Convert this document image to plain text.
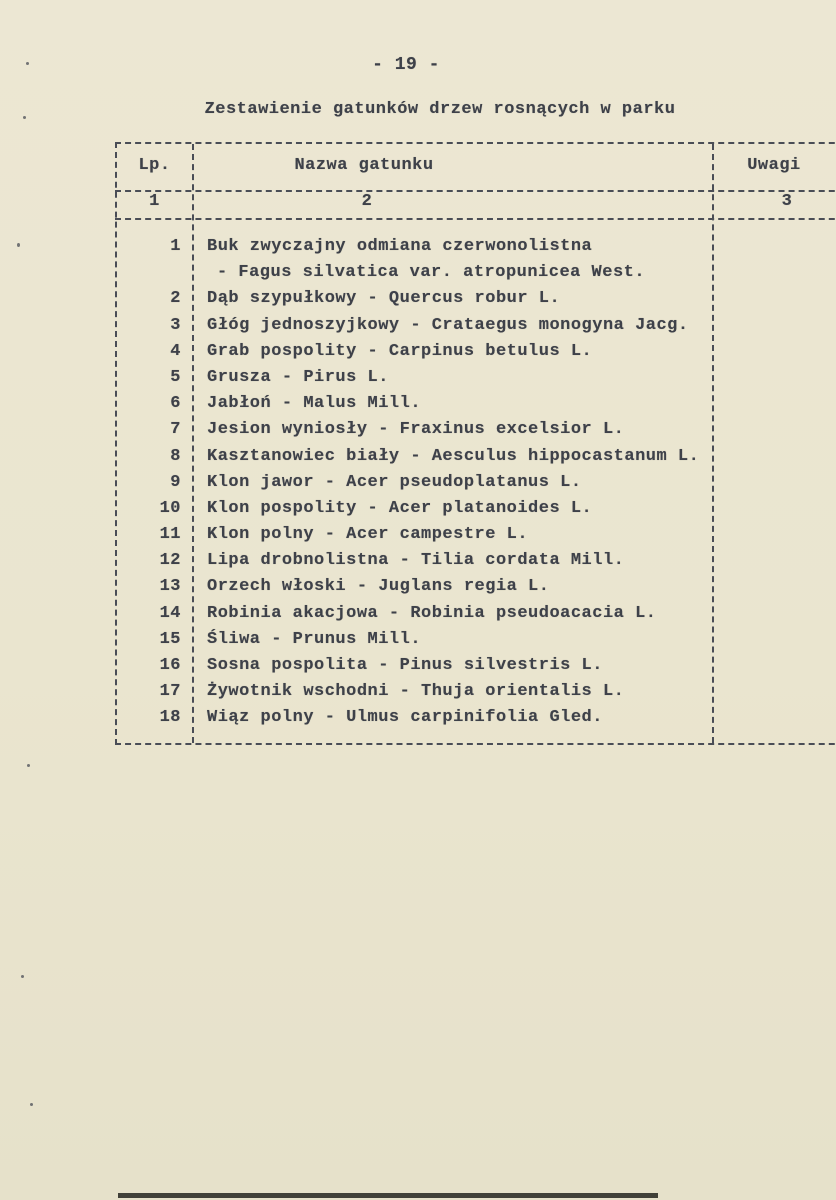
- 19 -
Zestawienie gatunków drzew rosnących w parku
Lp.	Nazwa gatunku	Uwagi
1	2	3
1	Buk zwyczajny odmiana czerwonolistna
- Fagus silvatica var. atropunicea West.
2	Dąb szypułkowy - Quercus robur L.
3	Głóg jednoszyjkowy - Crataegus monogyna Jacg.
4	Grab pospolity - Carpinus betulus L.
5	Grusza - Pirus L.
6	Jabłoń - Malus Mill.
7	Jesion wyniosły - Fraxinus excelsior L.
8	Kasztanowiec biały - Aesculus hippocastanum L.
9	Klon jawor - Acer pseudoplatanus L.
10	Klon pospolity - Acer platanoides L.
11	Klon polny - Acer campestre L.
12	Lipa drobnolistna - Tilia cordata Mill.
13	Orzech włoski - Juglans regia L.
14	Robinia akacjowa - Robinia pseudoacacia L.
15	Śliwa - Prunus Mill.
16	Sosna pospolita - Pinus silvestris L.
17	Żywotnik wschodni - Thuja orientalis L.
18	Wiąz polny - Ulmus carpinifolia Gled.
